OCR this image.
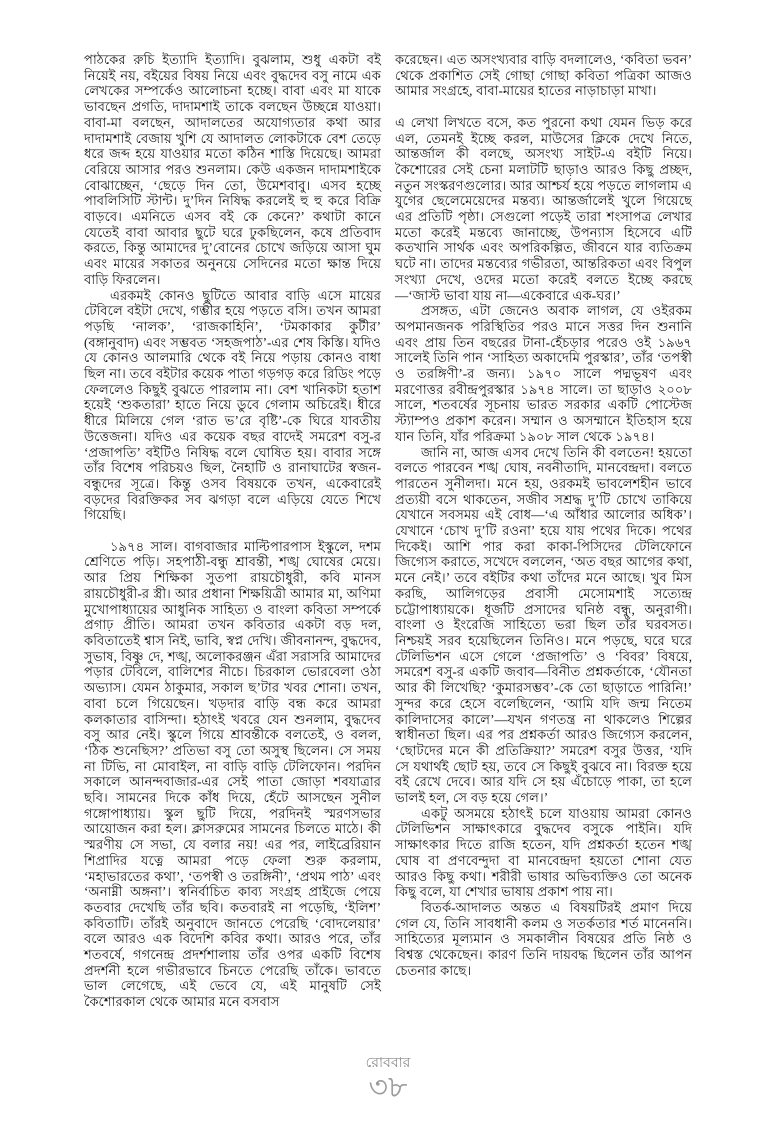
পাঠকের রুচি ইত্যাদি ইত্যাদি। বুঝলাম, শুধু একটা বই নিয়েই নয়, বইয়ের বিষয় নিয়ে এবং বুদ্ধদেব বসু নামে এক লেখকের সম্পর্কেও আলোচনা হচ্ছে। বাবা এবং মা যাকে ভাবছেন প্রগতি, দাদামশাই তাকে বলছেন উচ্ছন্নে যাওয়া। বাবা-মা বলছেন, আদালতের অযোগ্যতার কথা আর দাদামশাই বেজায় খুশি যে আদালত লোকটাকে বেশ তেড়ে ধরে জব্দ হয়ে যাওয়ার মতো কঠিন শাস্তি দিয়েছে। আমরা বেরিয়ে আসার পরও শুনলাম। কেউ একজন দাদামশাইকে বোঝাচ্ছেন, ‘ছেড়ে দিন তো, উমেশবাবু। এসব হচ্ছে পাবলিসিটি স্টান্ট। দু’দিন নিষিদ্ধ করলেই হু হু করে বিক্রি বাড়বে। এমনিতে এসব বই কে কেনে?’ কথাটা কানে যেতেই বাবা আবার ছুটে ঘরে ঢুকছিলেন, কষে প্রতিবাদ করতে, কিন্তু আমাদের দু’বোনের চোখে জড়িয়ে আসা ঘুম এবং মায়ের সকাতর অনুনয়ে সেদিনের মতো ক্ষান্ত দিয়ে বাড়ি ফিরলেন।

এরকমই কোনও ছুটিতে আবার বাড়ি এসে মায়ের টেবিলে বইটা দেখে, গম্ভীর হয়ে পড়তে বসি। তখন আমরা পড়ছি ‘নালক’, ‘রাজকাহিনি’, ‘টমকাকার কুটীর’ (বঙ্গানুবাদ) এবং সম্ভবত ‘সহজপাঠ’-এর শেষ কিস্তি। যদিও যে কোনও আলমারি থেকে বই নিয়ে পড়ায় কোনও বাধা ছিল না। তবে বইটার কয়েক পাতা গড়গড় করে রিডিং পড়ে ফেললেও কিছুই বুঝতে পারলাম না। বেশ খানিকটা হতাশ হয়েই ‘শুকতারা’ হাতে নিয়ে ডুবে গেলাম অচিরেই। ধীরে ধীরে মিলিয়ে গেল ‘রাত ভ’রে বৃষ্টি’-কে ঘিরে যাবতীয় উত্তেজনা। যদিও এর কয়েক বছর বাদেই সমরেশ বসু-র ‘প্রজাপতি’ বইটিও নিষিদ্ধ বলে ঘোষিত হয়। বাবার সঙ্গে তাঁর বিশেষ পরিচয়ও ছিল, নৈহাটি ও রানাঘাটের স্বজন-বন্ধুদের সূত্রে। কিন্তু ওসব বিষয়কে তখন, একেবারেই বড়দের বিরক্তিকর সব ঝগড়া বলে এড়িয়ে যেতে শিখে গিয়েছি।

১৯৭৪ সাল। বাগবাজার মাল্টিপারপাস ইস্কুলে, দশম শ্রেণিতে পড়ি। সহপাঠী-বন্ধু শ্রাবন্তী, শঙ্খ ঘোষের মেয়ে। আর প্রিয় শিক্ষিকা সুতপা রায়চৌধুরী, কবি মানস রায়চৌধুরী-র স্ত্রী। আর প্রধানা শিক্ষয়িত্রী আমার মা, অণিমা মুখোপাধ্যায়ের আধুনিক সাহিত্য ও বাংলা কবিতা সম্পর্কে প্রগাঢ় প্রীতি। আমরা তখন কবিতার একটা বড় দল, কবিতাতেই শ্বাস নিই, ভাবি, স্বপ্ন দেখি। জীবনানন্দ, বুদ্ধদেব, সুভাষ, বিষ্ণু দে, শঙ্খ, অলোকরঞ্জন এঁরা সরাসরি আমাদের পড়ার টেবিলে, বালিশের নীচে। চিরকাল ভোরবেলা ওঠা অভ্যাস। যেমন ঠাকুমার, সকাল ছ’টার খবর শোনা। তখন, বাবা চলে গিয়েছেন। খড়দার বাড়ি বন্ধ করে আমরা কলকাতার বাসিন্দা। হঠাৎই খবরে যেন শুনলাম, বুদ্ধদেব বসু আর নেই। স্কুলে গিয়ে শ্রাবন্তীকে বলতেই, ও বলল, ‘ঠিক শুনেছিস?’ প্রতিভা বসু তো অসুস্থ ছিলেন। সে সময় না টিভি, না মোবাইল, না বাড়ি বাড়ি টেলিফোন। পরদিন সকালে আনন্দবাজার-এর সেই পাতা জোড়া শবযাত্রার ছবি। সামনের দিকে কাঁধ দিয়ে, হেঁটে আসছেন সুনীল গঙ্গোপাধ্যায়। স্কুল ছুটি দিয়ে, পরদিনই স্মরণসভার আয়োজন করা হল। ক্লাসরুমের সামনের চিলতে মাঠে। কী স্মরণীয় সে সভা, যে বলার নয়! এর পর, লাইব্রেরিয়ান শিপ্রাদির যত্নে আমরা পড়ে ফেলা শুরু করলাম, ‘মহাভারতের কথা’, ‘তপস্বী ও তরঙ্গিনী’, ‘প্রথম পাঠ’ এবং ‘অনাম্নী অঙ্গনা’। স্বনির্বাচিত কাব্য সংগ্রহ প্রাইজে পেয়ে কতবার দেখেছি তাঁর ছবি। কতবারই না পড়েছি, ‘ইলিশ’ কবিতাটি। তাঁরই অনুবাদে জানতে পেরেছি ‘বোদলেয়ার’ বলে আরও এক বিদেশি কবির কথা। আরও পরে, তাঁর শতবর্ষে, গগনেন্দ্র প্রদর্শশালায় তাঁর ওপর একটি বিশেষ প্রদর্শনী হলে গভীরভাবে চিনতে পেরেছি তাঁকে। ভাবতে ভাল লেগেছে, এই ভেবে যে, এই মানুষটি সেই কৈশোরকাল থেকে আমার মনে বসবাস

করেছেন। এত অসংখ্যবার বাড়ি বদলালেও, ‘কবিতা ভবন’ থেকে প্রকাশিত সেই গোছা গোছা কবিতা পত্রিকা আজও আমার সংগ্রহে, বাবা-মায়ের হাতের নাড়াচাড়া মাখা।

এ লেখা লিখতে বসে, কত পুরনো কথা যেমন ভিড় করে এল, তেমনই ইচ্ছে করল, মাউসের ক্লিকে দেখে নিতে, আন্তর্জাল কী বলছে, অসংখ্য সাইট-এ বইটি নিয়ে। কৈশোরের সেই চেনা মলাটটি ছাড়াও আরও কিছু প্রচ্ছদ, নতুন সংস্করণগুলোর। আর আশ্চর্য হয়ে পড়তে লাগলাম এ যুগের ছেলেমেয়েদের মন্তব্য। আন্তর্জালেই খুলে গিয়েছে এর প্রতিটি পৃষ্ঠা। সেগুলো পড়েই তারা শংসাপত্র লেখার মতো করেই মন্তব্যে জানাচ্ছে, উপন্যাস হিসেবে এটি কতখানি সার্থক এবং অপরিকল্পিত, জীবনে যার ব্যতিক্রম ঘটে না। তাদের মন্তব্যের গভীরতা, আন্তরিকতা এবং বিপুল সংখ্যা দেখে, ওদের মতো করেই বলতে ইচ্ছে করছে—‘জাস্ট ভাবা যায় না—একেবারে এক-ঘর।’

প্রসঙ্গত, এটা জেনেও অবাক লাগল, যে ওইরকম অপমানজনক পরিস্থিতির পরও মানে সত্তর দিন শুনানি এবং প্রায় তিন বছরের টানা-হেঁচড়ার পরেও ওই ১৯৬৭ সালেই তিনি পান ‘সাহিত্য অকাদেমি পুরস্কার’, তাঁর ‘তপস্বী ও তরঙ্গিণী’-র জন্য। ১৯৭০ সালে পদ্মভূষণ এবং মরণোত্তর রবীন্দ্রপুরস্কার ১৯৭৪ সালে। তা ছাড়াও ২০০৮ সালে, শতবর্ষের সূচনায় ভারত সরকার একটি পোস্টেজ স্ট্যাম্পও প্রকাশ করেন। সম্মান ও অসম্মানে ইতিহাস হয়ে যান তিনি, যাঁর পরিক্রমা ১৯০৮ সাল থেকে ১৯৭৪।

জানি না, আজ এসব দেখে তিনি কী বলতেন! হয়তো বলতে পারবেন শঙ্খ ঘোষ, নবনীতাদি, মানবেন্দ্রদা। বলতে পারতেন সুনীলদা। মনে হয়, ওরকমই ভাবলেশহীন ভাবে প্রত্যয়ী বসে থাকতেন, সজীব সশ্রদ্ধ দু’টি চোখে তাকিয়ে যেখানে সবসময় এই বোধ—‘এ আঁধার আলোর অধিক’। যেখানে ‘চোখ দু’টি রওনা’ হয়ে যায় পথের দিকে। পথের দিকেই। আশি পার করা কাকা-পিসিদের টেলিফোনে জিগ্যেস করাতে, সখেদে বললেন, ‘অত বছর আগের কথা, মনে নেই।’ তবে বইটির কথা তাঁদের মনে আছে। খুব মিস করছি, আলিগড়ের প্রবাসী মেসোমশাই সত্যেন্দ্র চট্টোপাধ্যায়কে। ধূর্জটি প্রসাদের ঘনিষ্ঠ বন্ধু, অনুরাগী। বাংলা ও ইংরেজি সাহিত্যে ভরা ছিল তাঁর ঘরবসত। নিশ্চয়ই সরব হয়েছিলেন তিনিও। মনে পড়ছে, ঘরে ঘরে টেলিভিশন এসে গেলে ‘প্রজাপতি’ ও ‘বিবর’ বিষয়ে, সমরেশ বসু-র একটি জবাব—বিনীত প্রশ্নকর্তাকে, ‘যৌনতা আর কী লিখেছি? ‘কুমারসম্ভব’-কে তো ছাড়াতে পারিনি!’ সুন্দর করে হেসে বলেছিলেন, ‘আমি যদি জন্ম নিতেম কালিদাসের কালে’—যখন গণতন্ত্র না থাকলেও শিল্পের স্বাধীনতা ছিল। এর পর প্রশ্নকর্তা আরও জিগ্যেস করলেন, ‘ছোটদের মনে কী প্রতিক্রিয়া?’ সমরেশ বসুর উত্তর, ‘যদি সে যথার্থই ছোট হয়, তবে সে কিছুই বুঝবে না। বিরক্ত হয়ে বই রেখে দেবে। আর যদি সে হয় এঁচোড়ে পাকা, তা হলে ভালই হল, সে বড় হয়ে গেল।’

একটু অসময়ে হঠাৎই চলে যাওয়ায় আমরা কোনও টেলিভিশন সাক্ষাৎকারে বুদ্ধদেব বসুকে পাইনি। যদি সাক্ষাৎকার দিতে রাজি হতেন, যদি প্রশ্নকর্তা হতেন শঙ্খ ঘোষ বা প্রণবেন্দুদা বা মানবেন্দ্রদা হয়তো শোনা যেত আরও কিছু কথা। শরীরী ভাষার অভিব্যক্তিও তো অনেক কিছু বলে, যা শেখার ভাষায় প্রকাশ পায় না।

বিতর্ক-আদালত অন্তত এ বিষয়টিরই প্রমাণ দিয়ে গেল যে, তিনি সাবধানী কলম ও সতর্কতার শর্ত মানেননি। সাহিত্যের মূল্যমান ও সমকালীন বিষয়ের প্রতি নিষ্ঠ ও বিশ্বস্ত থেকেছেন। কারণ তিনি দায়বদ্ধ ছিলেন তাঁর আপন চেতনার কাছে।

রোববার
৩৮
